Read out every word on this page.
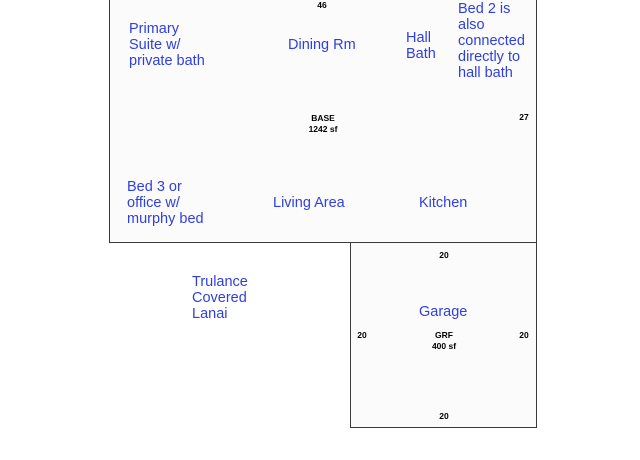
Primary
Suite w/
private bath
Dining Rm	Hall
Bath
Bed 2 is
also
connected
directly to
hall bath
Bed 3 or
office w/
murphy bed
Living Area	Kitchen
Trulance
Covered
Lanai	Garage
46
27
BASE
1242 sf
20
20	20
20
GRF
400 sf
